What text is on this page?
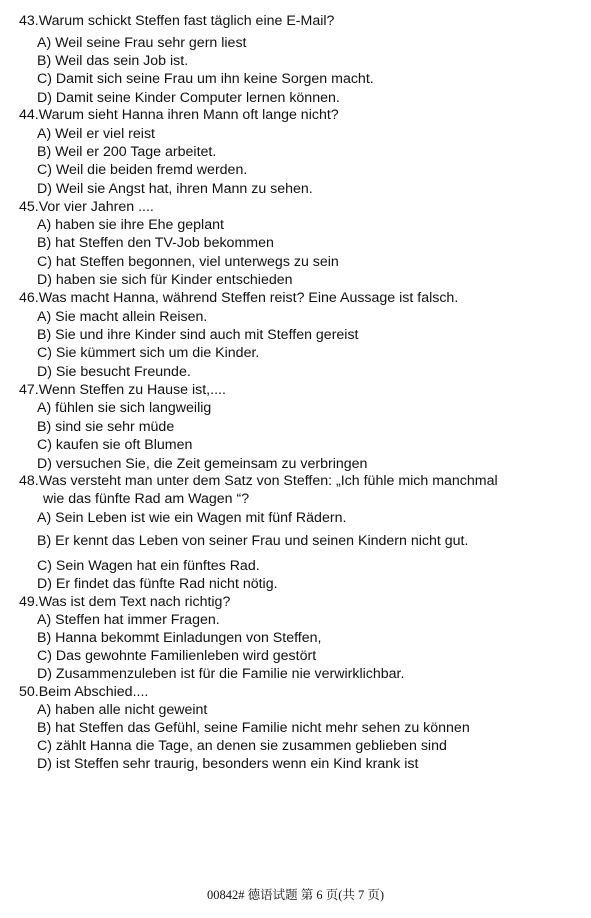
43.Warum schickt Steffen fast täglich eine E-Mail?
A) Weil seine Frau sehr gern liest
B) Weil das sein Job ist.
C) Damit sich seine Frau um ihn keine Sorgen macht.
D) Damit seine Kinder Computer lernen können.
44.Warum sieht Hanna ihren Mann oft lange nicht?
A) Weil er viel reist
B) Weil er 200 Tage arbeitet.
C) Weil die beiden fremd werden.
D) Weil sie Angst hat, ihren Mann zu sehen.
45.Vor vier Jahren ....
A) haben sie ihre Ehe geplant
B) hat Steffen den TV-Job bekommen
C) hat Steffen begonnen, viel unterwegs zu sein
D) haben sie sich für Kinder entschieden
46.Was macht Hanna, während Steffen reist? Eine Aussage ist falsch.
A) Sie macht allein Reisen.
B) Sie und ihre Kinder sind auch mit Steffen gereist
C) Sie kümmert sich um die Kinder.
D) Sie besucht Freunde.
47.Wenn Steffen zu Hause ist,....
A) fühlen sie sich langweilig
B) sind sie sehr müde
C) kaufen sie oft Blumen
D) versuchen Sie, die Zeit gemeinsam zu verbringen
48.Was versteht man unter dem Satz von Steffen: „Ich fühle mich manchmal
wie das fünfte Rad am Wagen “?
A) Sein Leben ist wie ein Wagen mit fünf Rädern.
B) Er kennt das Leben von seiner Frau und seinen Kindern nicht gut.
C) Sein Wagen hat ein fünftes Rad.
D) Er findet das fünfte Rad nicht nötig.
49.Was ist dem Text nach richtig?
A) Steffen hat immer Fragen.
B) Hanna bekommt Einladungen von Steffen,
C) Das gewohnte Familienleben wird gestört
D) Zusammenzuleben ist für die Familie nie verwirklichbar.
50.Beim Abschied....
A) haben alle nicht geweint
B) hat Steffen das Gefühl, seine Familie nicht mehr sehen zu können
C) zählt Hanna die Tage, an denen sie zusammen geblieben sind
D) ist Steffen sehr traurig, besonders wenn ein Kind krank ist
00842# 德语试题 第 6 页(共 7 页)
